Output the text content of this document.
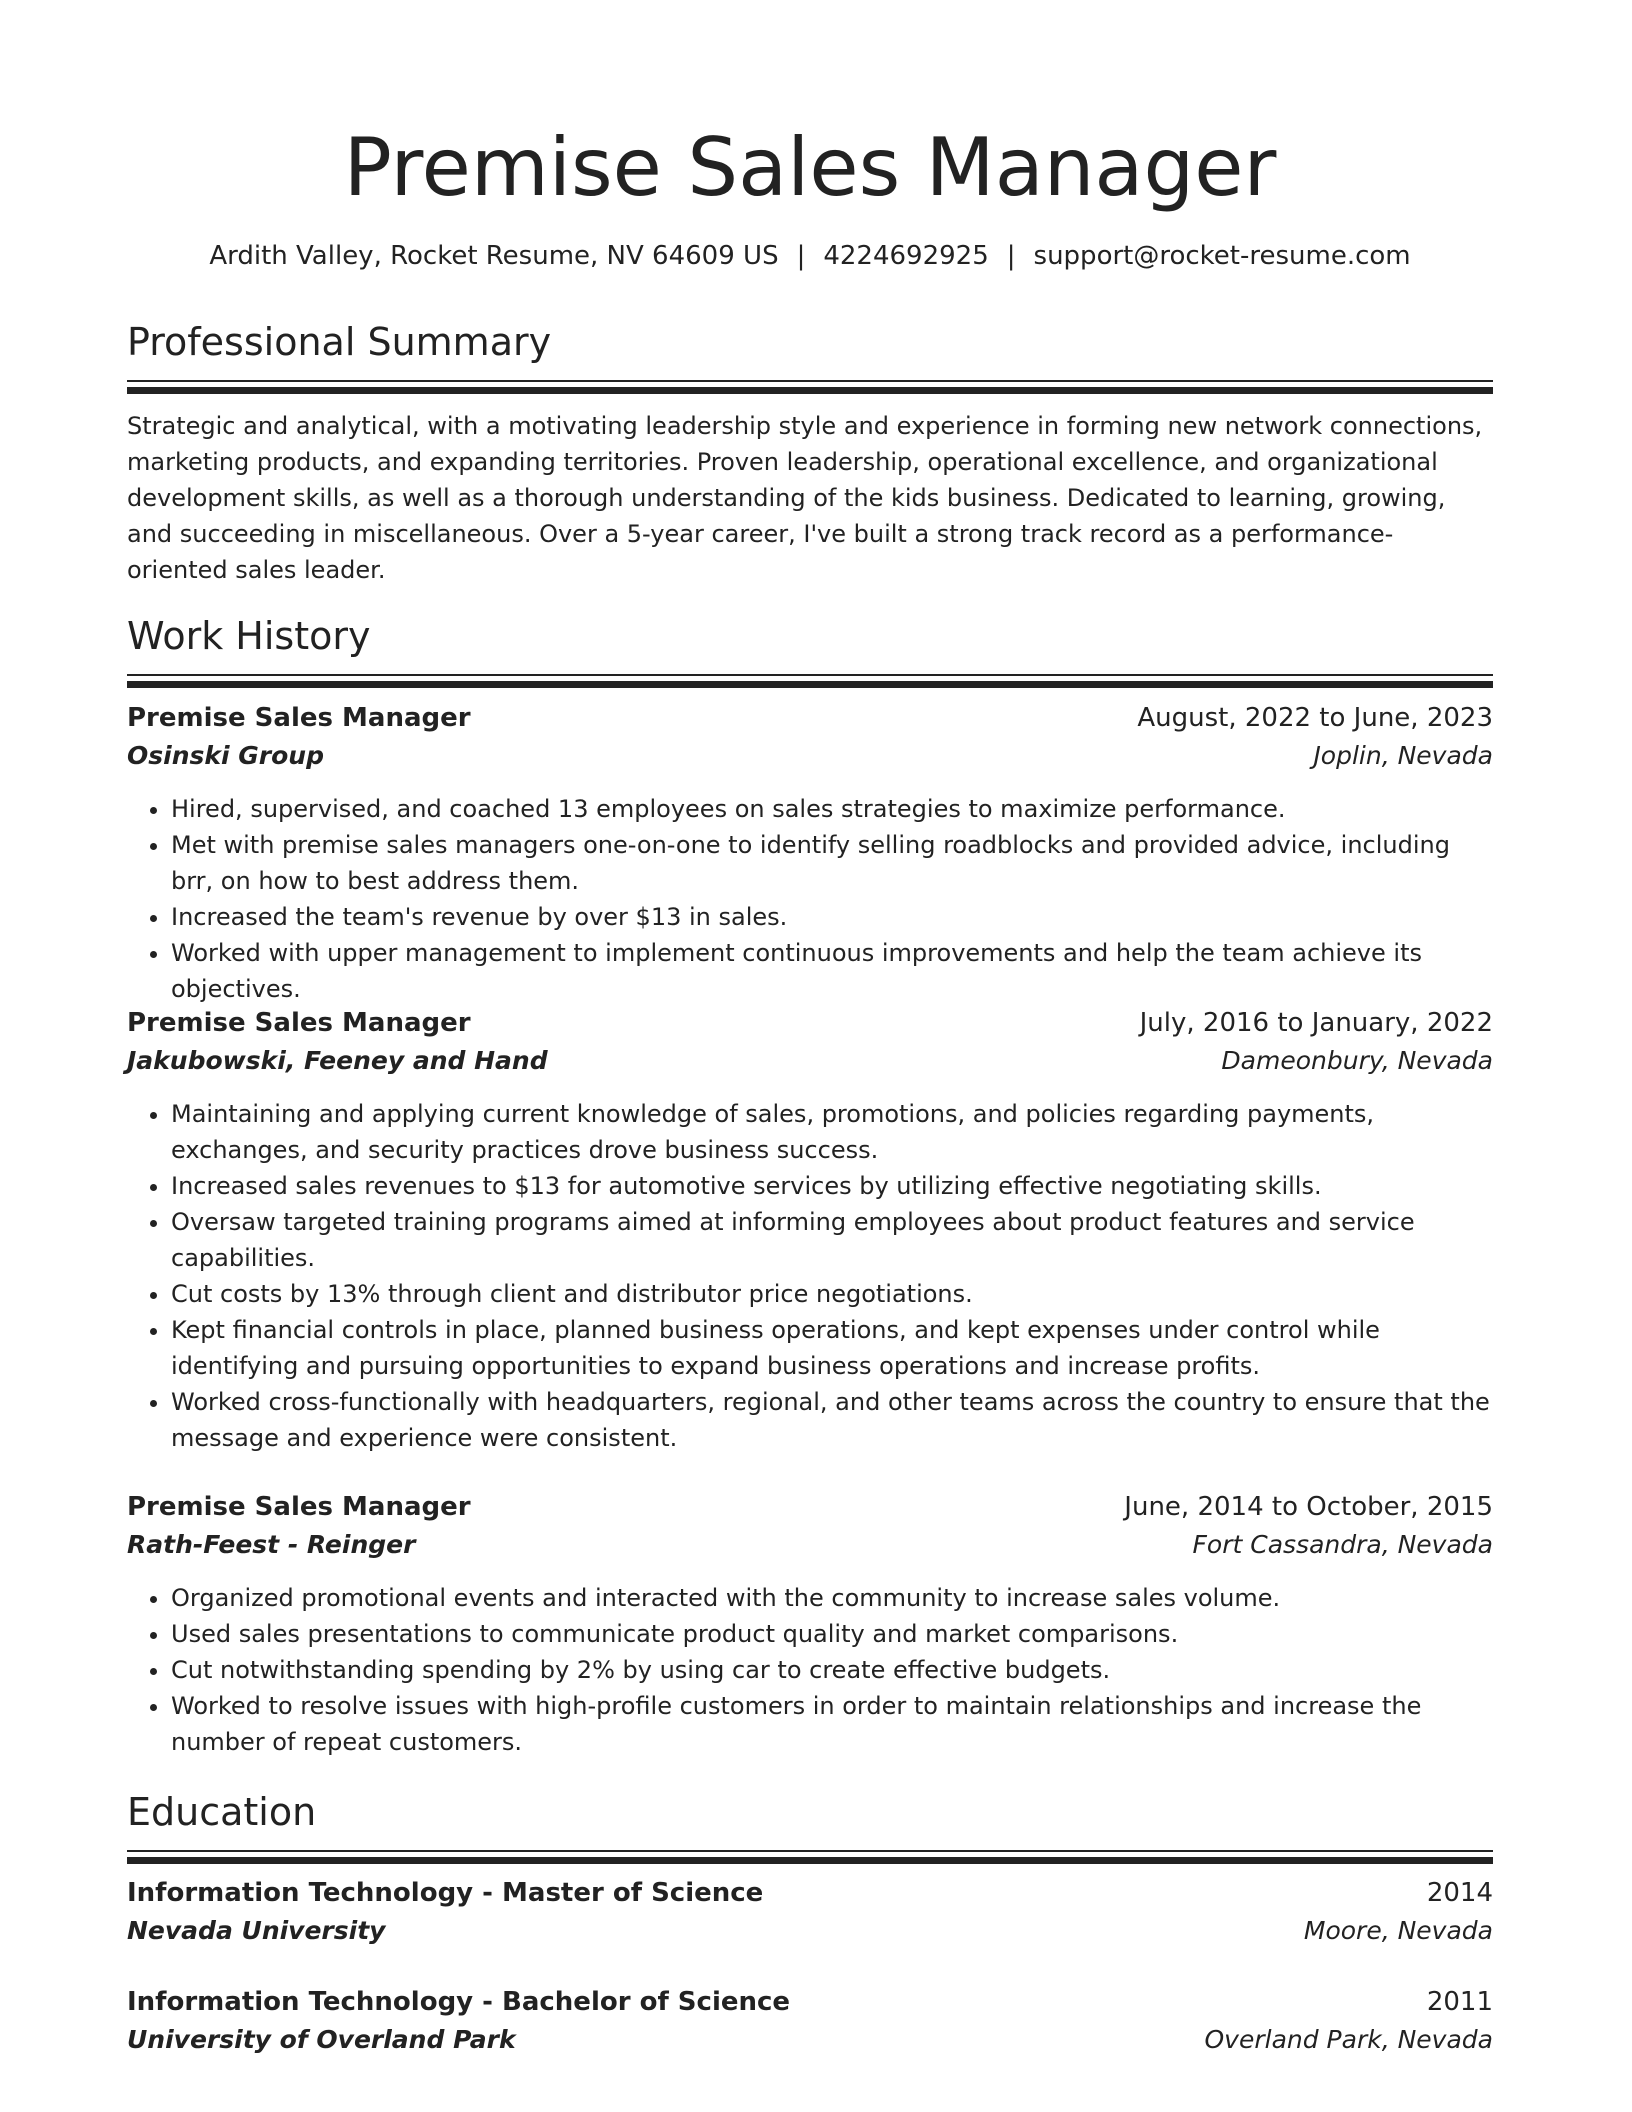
Premise Sales Manager
Ardith Valley, Rocket Resume, NV 64609 US | 4224692925 | support@rocket-resume.com
Professional Summary
Strategic and analytical, with a motivating leadership style and experience in forming new network connections, marketing products, and expanding territories. Proven leadership, operational excellence, and organizational development skills, as well as a thorough understanding of the kids business. Dedicated to learning, growing, and succeeding in miscellaneous. Over a 5-year career, I've built a strong track record as a performance-oriented sales leader.
Work History
Premise Sales Manager	August, 2022 to June, 2023
Osinski Group	Joplin, Nevada
• Hired, supervised, and coached 13 employees on sales strategies to maximize performance.
• Met with premise sales managers one-on-one to identify selling roadblocks and provided advice, including brr, on how to best address them.
• Increased the team's revenue by over $13 in sales.
• Worked with upper management to implement continuous improvements and help the team achieve its objectives.
Premise Sales Manager	July, 2016 to January, 2022
Jakubowski, Feeney and Hand	Dameonbury, Nevada
• Maintaining and applying current knowledge of sales, promotions, and policies regarding payments, exchanges, and security practices drove business success.
• Increased sales revenues to $13 for automotive services by utilizing effective negotiating skills.
• Oversaw targeted training programs aimed at informing employees about product features and service capabilities.
• Cut costs by 13% through client and distributor price negotiations.
• Kept financial controls in place, planned business operations, and kept expenses under control while identifying and pursuing opportunities to expand business operations and increase profits.
• Worked cross-functionally with headquarters, regional, and other teams across the country to ensure that the message and experience were consistent.
Premise Sales Manager	June, 2014 to October, 2015
Rath-Feest - Reinger	Fort Cassandra, Nevada
• Organized promotional events and interacted with the community to increase sales volume.
• Used sales presentations to communicate product quality and market comparisons.
• Cut notwithstanding spending by 2% by using car to create effective budgets.
• Worked to resolve issues with high-profile customers in order to maintain relationships and increase the number of repeat customers.
Education
Information Technology - Master of Science	2014
Nevada University	Moore, Nevada
Information Technology - Bachelor of Science	2011
University of Overland Park	Overland Park, Nevada
